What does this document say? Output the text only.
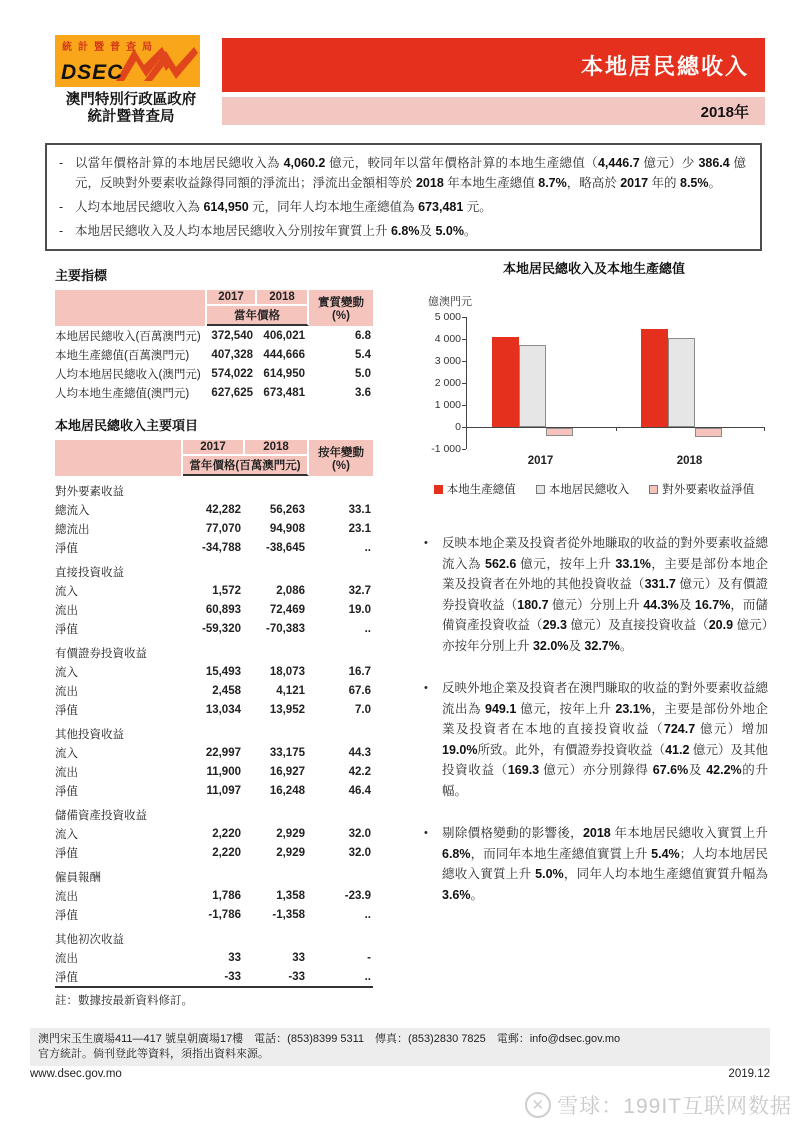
統計暨普查局
DSEC
澳門特別行政區政府
統計暨普查局
本地居民總收入
2018年
- 以當年價格計算的本地居民總收入為 4,060.2 億元，較同年以當年價格計算的本地生產總值（4,446.7 億元）少 386.4 億元，反映對外要素收益錄得同額的淨流出；淨流出金額相等於 2018 年本地生產總值 8.7%，略高於 2017 年的 8.5%。
- 人均本地居民總收入為 614,950 元，同年人均本地生產總值為 673,481 元。
- 本地居民總收入及人均本地居民總收入分別按年實質上升 6.8%及 5.0%。
主要指標
	2017	2018	實質變動
(%)

	當年價格		
本地居民總收入(百萬澳門元)	372,540	406,021	6.8
本地生產總值(百萬澳門元)	407,328	444,666	5.4
人均本地居民總收入(澳門元)	574,022	614,950	5.0
人均本地生產總值(澳門元)	627,625	673,481	3.6
本地居民總收入主要項目
	2017	2018	按年變動
(%)

	當年價格(百萬澳門元)		
對外要素收益			
總流入	42,282	56,263	33.1
總流出	77,070	94,908	23.1
淨值	-34,788	-38,645	..
直接投資收益			
流入	1,572	2,086	32.7
流出	60,893	72,469	19.0
淨值	-59,320	-70,383	..
有價證券投資收益			
流入	15,493	18,073	16.7
流出	2,458	4,121	67.6
淨值	13,034	13,952	7.0
其他投資收益			
流入	22,997	33,175	44.3
流出	11,900	16,927	42.2
淨值	11,097	16,248	46.4
儲備資產投資收益			
流入	2,220	2,929	32.0
淨值	2,220	2,929	32.0
僱員報酬			
流出	1,786	1,358	-23.9
淨值	-1,786	-1,358	..
其他初次收益			
流出	33	33	-
淨值	-33	-33	..

註：數據按最新資料修訂。
本地居民總收入及本地生產總值
億澳門元
5 000
4 000
3 000
2 000
1 000
0
-1 000
2017	2018
本地生產總值	本地居民總收入	對外要素收益淨值
•	反映本地企業及投資者從外地賺取的收益的對外要素收益總流入為 562.6 億元，按年上升 33.1%，主要是部份本地企業及投資者在外地的其他投資收益（331.7 億元）及有價證券投資收益（180.7 億元）分別上升 44.3%及 16.7%，而儲備資產投資收益（29.3 億元）及直接投資收益（20.9 億元）亦按年分別上升 32.0%及 32.7%。
•	反映外地企業及投資者在澳門賺取的收益的對外要素收益總流出為 949.1 億元，按年上升 23.1%，主要是部份外地企業及投資者在本地的直接投資收益（724.7 億元）增加 19.0%所致。此外，有價證券投資收益（41.2 億元）及其他投資收益（169.3 億元）亦分別錄得 67.6%及 42.2%的升幅。
•	剔除價格變動的影響後，2018 年本地居民總收入實質上升 6.8%，而同年本地生產總值實質上升 5.4%；人均本地居民總收入實質上升 5.0%，同年人均本地生產總值實質升幅為 3.6%。
澳門宋玉生廣場411—417 號皇朝廣場17樓　電話：(853)8399 5311　傳真：(853)2830 7825　電郵：info@dsec.gov.mo
官方統計。倘刊登此等資料，須指出資料來源。
www.dsec.gov.mo	2019.12
✕ 雪球：199IT互联网数据
